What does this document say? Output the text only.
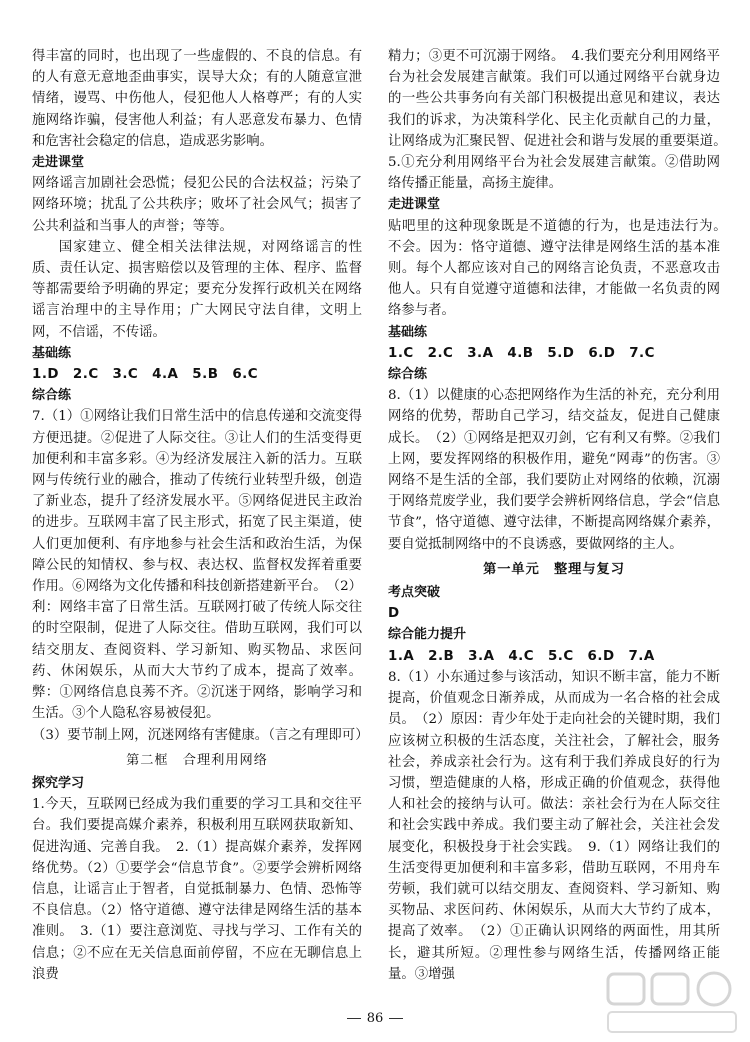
得丰富的同时，也出现了一些虚假的、不良的信息。有的人有意无意地歪曲事实，误导大众；有的人随意宣泄情绪，谩骂、中伤他人，侵犯他人人格尊严；有的人实施网络诈骗，侵害他人利益；有人恶意发布暴力、色情和危害社会稳定的信息，造成恶劣影响。

走进课堂

网络谣言加剧社会恐慌；侵犯公民的合法权益；污染了网络环境；扰乱了公共秩序；败坏了社会风气；损害了公共利益和当事人的声誉；等等。

国家建立、健全相关法律法规，对网络谣言的性质、责任认定、损害赔偿以及管理的主体、程序、监督等都需要给予明确的界定；要充分发挥行政机关在网络谣言治理中的主导作用；广大网民守法自律，文明上网，不信谣，不传谣。

基础练

1.D　2.C　3.C　4.A　5.B　6.C

综合练

7.（1）①网络让我们日常生活中的信息传递和交流变得方便迅捷。②促进了人际交往。③让人们的生活变得更加便利和丰富多彩。④为经济发展注入新的活力。互联网与传统行业的融合，推动了传统行业转型升级，创造了新业态，提升了经济发展水平。⑤网络促进民主政治的进步。互联网丰富了民主形式，拓宽了民主渠道，使人们更加便利、有序地参与社会生活和政治生活，为保障公民的知情权、参与权、表达权、监督权发挥着重要作用。⑥网络为文化传播和科技创新搭建新平台。　（2）利：网络丰富了日常生活。互联网打破了传统人际交往的时空限制，促进了人际交往。借助互联网，我们可以结交朋友、查阅资料、学习新知、购买物品、求医问药、休闲娱乐，从而大大节约了成本，提高了效率。弊：①网络信息良莠不齐。②沉迷于网络，影响学习和生活。③个人隐私容易被侵犯。

（3）要节制上网，沉迷网络有害健康。（言之有理即可）

第二框　合理利用网络

探究学习

1.今天，互联网已经成为我们重要的学习工具和交往平台。我们要提高媒介素养，积极利用互联网获取新知、促进沟通、完善自我。　2.（1）提高媒介素养，发挥网络优势。（2）①要学会“信息节食”。②要学会辨析网络信息，让谣言止于智者，自觉抵制暴力、色情、恐怖等不良信息。（2）恪守道德、遵守法律是网络生活的基本准则。　3.（1）要注意浏览、寻找与学习、工作有关的信息；②不应在无关信息面前停留，不应在无聊信息上浪费

精力；③更不可沉溺于网络。　4.我们要充分利用网络平台为社会发展建言献策。我们可以通过网络平台就身边的一些公共事务向有关部门积极提出意见和建议，表达我们的诉求，为决策科学化、民主化贡献自己的力量，让网络成为汇聚民智、促进社会和谐与发展的重要渠道。　5.①充分利用网络平台为社会发展建言献策。②借助网络传播正能量，高扬主旋律。

走进课堂

贴吧里的这种现象既是不道德的行为，也是违法行为。　不会。因为：恪守道德、遵守法律是网络生活的基本准则。每个人都应该对自己的网络言论负责，不恶意攻击他人。只有自觉遵守道德和法律，才能做一名负责的网络参与者。

基础练

1.C　2.C　3.A　4.B　5.D　6.D　7.C

综合练

8.（1）以健康的心态把网络作为生活的补充，充分利用网络的优势，帮助自己学习，结交益友，促进自己健康成长。　（2）①网络是把双刃剑，它有利又有弊。②我们上网，要发挥网络的积极作用，避免“网毒”的伤害。③网络不是生活的全部，我们要防止对网络的依赖，沉溺于网络荒废学业，我们要学会辨析网络信息，学会“信息节食”，恪守道德、遵守法律，不断提高网络媒介素养，要自觉抵制网络中的不良诱惑，要做网络的主人。

第一单元　整理与复习

考点突破

D

综合能力提升

1.A　2.B　3.A　4.C　5.C　6.D　7.A

8.（1）小东通过参与该活动，知识不断丰富，能力不断提高，价值观念日渐养成，从而成为一名合格的社会成员。　（2）原因：青少年处于走向社会的关键时期，我们应该树立积极的生活态度，关注社会，了解社会，服务社会，养成亲社会行为。这有利于我们养成良好的行为习惯，塑造健康的人格，形成正确的价值观念，获得他人和社会的接纳与认可。做法：亲社会行为在人际交往和社会实践中养成。我们要主动了解社会，关注社会发展变化，积极投身于社会实践。　9.（1）网络让我们的生活变得更加便利和丰富多彩，借助互联网，不用舟车劳顿，我们就可以结交朋友、查阅资料、学习新知、购买物品、求医问药、休闲娱乐，从而大大节约了成本，提高了效率。　（2）①正确认识网络的两面性，用其所长，避其所短。②理性参与网络生活，传播网络正能量。③增强

86
